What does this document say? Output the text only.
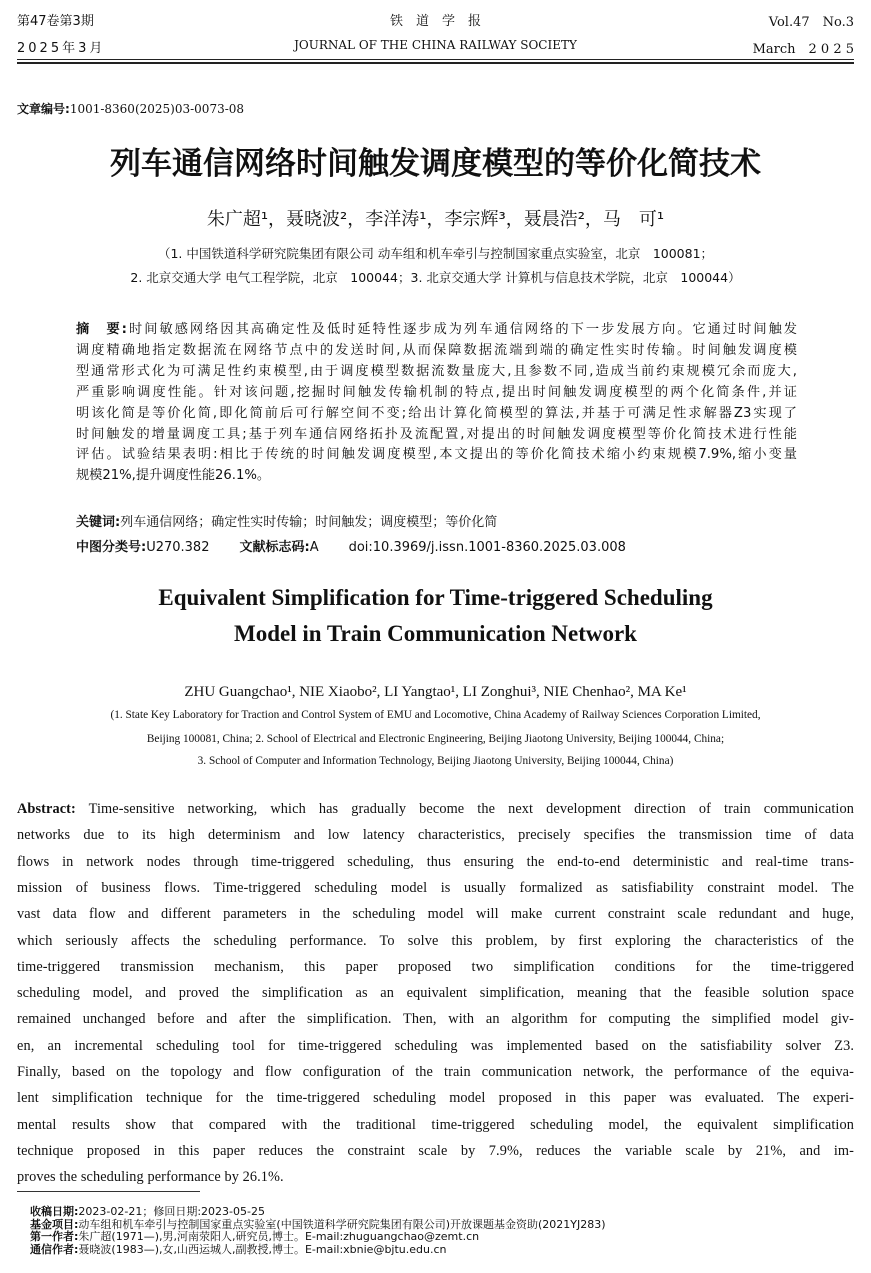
第47卷第3期
2025年3月
铁　道　学　报
JOURNAL OF THE CHINA RAILWAY SOCIETY
Vol.47　No.3
March　2 0 2 5
文章编号:1001-8360(2025)03-0073-08
列车通信网络时间触发调度模型的等价化简技术
朱广超¹，聂晓波²，李洋涛¹，李宗辉³，聂晨浩²，马　可¹
（1. 中国铁道科学研究院集团有限公司 动车组和机车牵引与控制国家重点实验室，北京　100081；
2. 北京交通大学 电气工程学院，北京　100044；3. 北京交通大学 计算机与信息技术学院，北京　100044）
摘　要:时间敏感网络因其高确定性及低时延特性逐步成为列车通信网络的下一步发展方向。它通过时间触发
调度精确地指定数据流在网络节点中的发送时间,从而保障数据流端到端的确定性实时传输。时间触发调度模
型通常形式化为可满足性约束模型,由于调度模型数据流数量庞大,且参数不同,造成当前约束规模冗余而庞大,
严重影响调度性能。针对该问题,挖掘时间触发传输机制的特点,提出时间触发调度模型的两个化简条件,并证
明该化简是等价化简,即化简前后可行解空间不变;给出计算化简模型的算法,并基于可满足性求解器Z3实现了
时间触发的增量调度工具;基于列车通信网络拓扑及流配置,对提出的时间触发调度模型等价化简技术进行性能
评估。试验结果表明:相比于传统的时间触发调度模型,本文提出的等价化简技术缩小约束规模7.9%,缩小变量
规模21%,提升调度性能26.1%。
关键词:列车通信网络；确定性实时传输；时间触发；调度模型；等价化简
中图分类号:U270.382 文献标志码:A doi:10.3969/j.issn.1001-8360.2025.03.008
Equivalent Simplification for Time-triggered Scheduling
Model in Train Communication Network
ZHU Guangchao¹, NIE Xiaobo², LI Yangtao¹, LI Zonghui³, NIE Chenhao², MA Ke¹
(1. State Key Laboratory for Traction and Control System of EMU and Locomotive, China Academy of Railway Sciences Corporation Limited,
Beijing 100081, China; 2. School of Electrical and Electronic Engineering, Beijing Jiaotong University, Beijing 100044, China;
3. School of Computer and Information Technology, Beijing Jiaotong University, Beijing 100044, China)
Abstract: Time-sensitive networking, which has gradually become the next development direction of train communication
networks due to its high determinism and low latency characteristics, precisely specifies the transmission time of data
flows in network nodes through time-triggered scheduling, thus ensuring the end-to-end deterministic and real-time trans-
mission of business flows. Time-triggered scheduling model is usually formalized as satisfiability constraint model. The
vast data flow and different parameters in the scheduling model will make current constraint scale redundant and huge,
which seriously affects the scheduling performance. To solve this problem, by first exploring the characteristics of the
time-triggered transmission mechanism, this paper proposed two simplification conditions for the time-triggered
scheduling model, and proved the simplification as an equivalent simplification, meaning that the feasible solution space
remained unchanged before and after the simplification. Then, with an algorithm for computing the simplified model giv-
en, an incremental scheduling tool for time-triggered scheduling was implemented based on the satisfiability solver Z3.
Finally, based on the topology and flow configuration of the train communication network, the performance of the equiva-
lent simplification technique for the time-triggered scheduling model proposed in this paper was evaluated. The experi-
mental results show that compared with the traditional time-triggered scheduling model, the equivalent simplification
technique proposed in this paper reduces the constraint scale by 7.9%, reduces the variable scale by 21%, and im-
proves the scheduling performance by 26.1%.
收稿日期:2023-02-21；修回日期:2023-05-25
基金项目:动车组和机车牵引与控制国家重点实验室(中国铁道科学研究院集团有限公司)开放课题基金资助(2021YJ283)
第一作者:朱广超(1971—),男,河南荥阳人,研究员,博士。E-mail:zhuguangchao@zemt.cn
通信作者:聂晓波(1983—),女,山西运城人,副教授,博士。E-mail:xbnie@bjtu.edu.cn
